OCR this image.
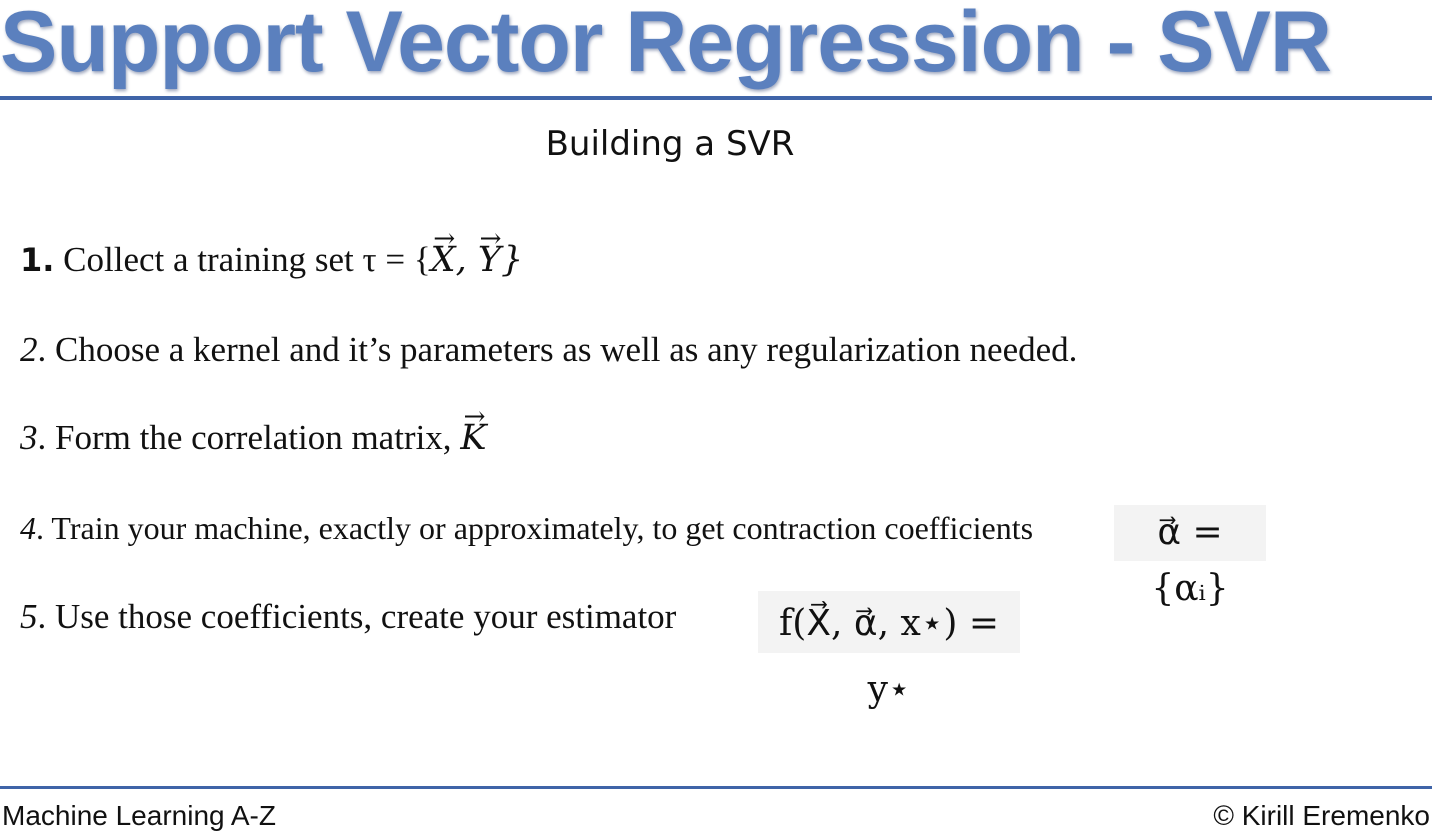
Support Vector Regression - SVR
Building a SVR
1. Collect a training set τ = {→ X, → Y}
2. Choose a kernel and it’s parameters as well as any regularization needed.
3. Form the correlation matrix, → K
4. Train your machine, exactly or approximately, to get contraction coefficients	α⃗ = {αᵢ}
5. Use those coefficients, create your estimator	f(X⃗, α⃗, x⋆) = y⋆
Machine Learning A-Z	© Kirill Eremenko
